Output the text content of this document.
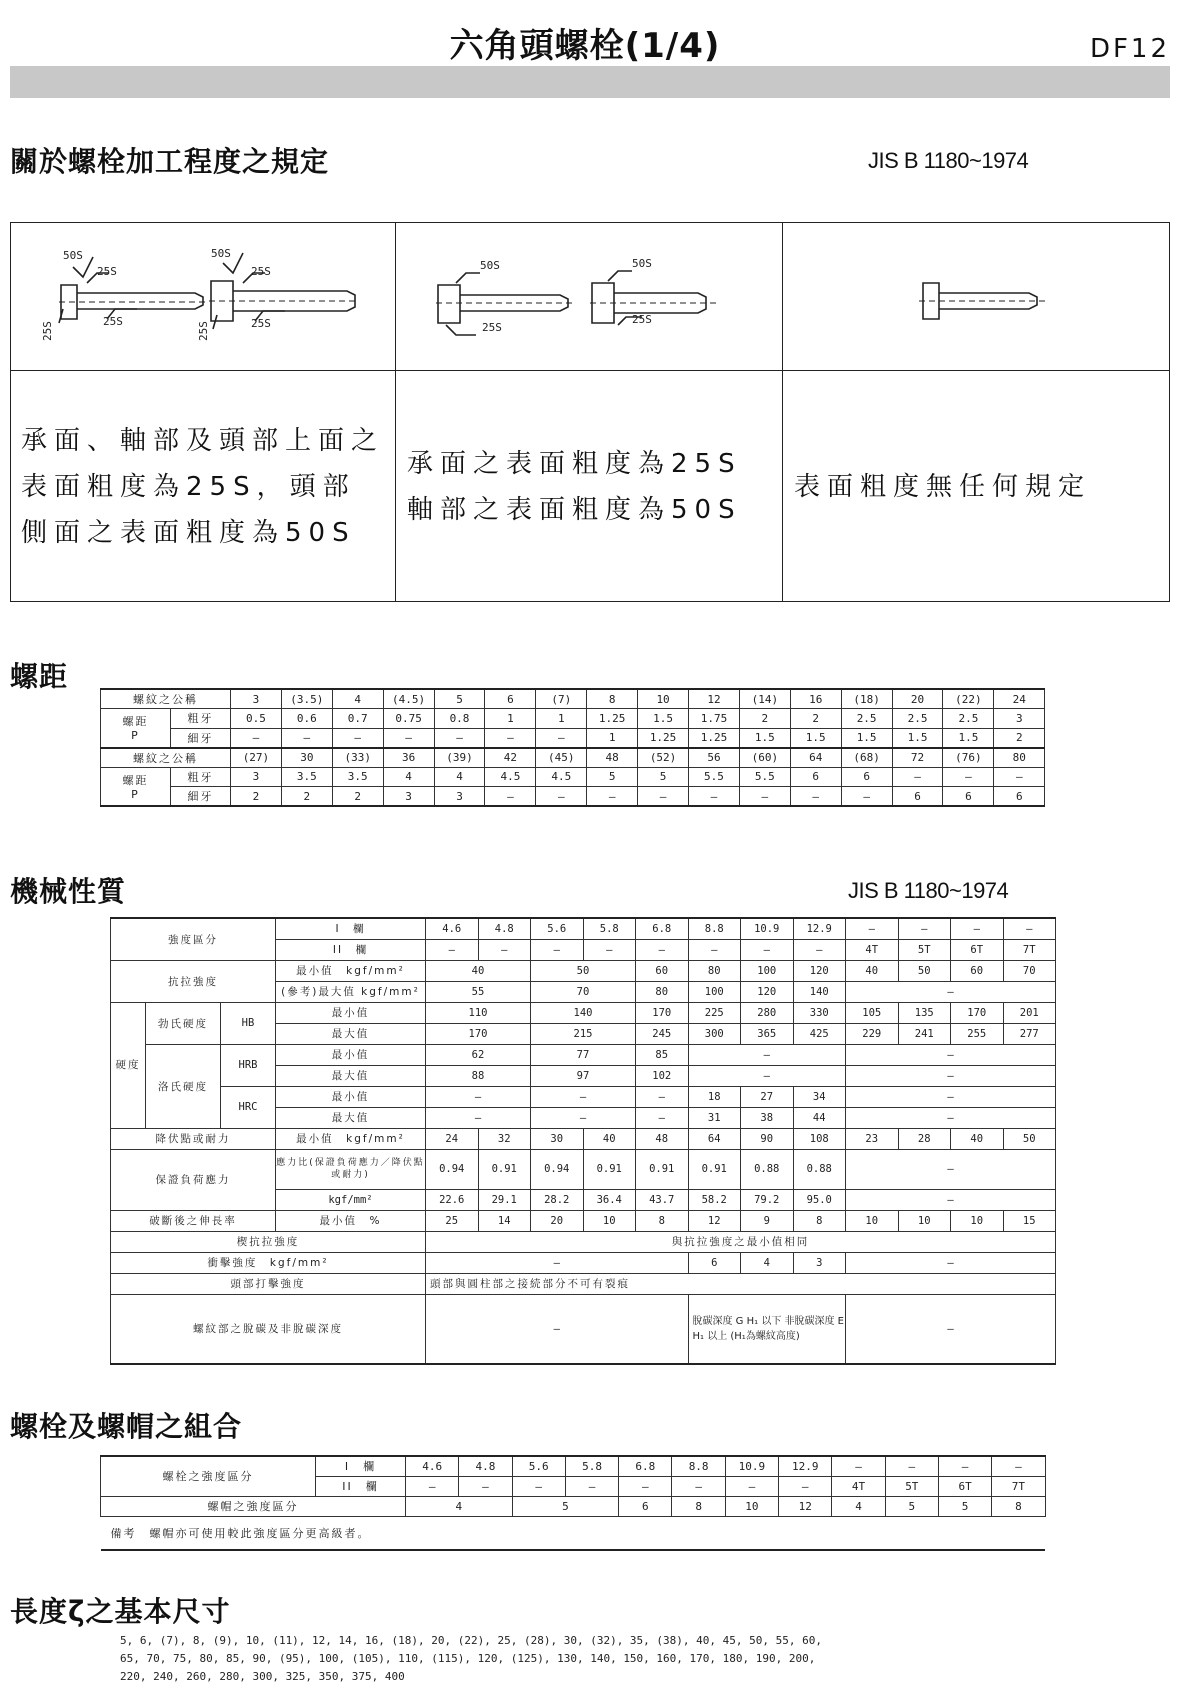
六角頭螺栓(1/4)	DF12
關於螺栓加工程度之規定	JIS B 1180~1974
50S
25S
50S
25S
25S	25S
25S	25S
50S	50S
25S
25S
承面、軸部及頭部上面之表面粗度為25S，頭部側面之表面粗度為50S
承面之表面粗度為25S軸部之表面粗度為50S
表面粗度無任何規定
螺距
螺紋之公稱		3	(3.5)	4	(4.5)	5	6	(7)	8	10	12	(14)	16	(18)	20	(22)	24

螺距
P	粗牙	0.5	0.6	0.7	0.75	0.8	1	1	1.25	1.5	1.75	2	2	2.5	2.5	2.5	3
	細牙	—	—	—	—	—	—	—	1	1.25	1.25	1.5	1.5	1.5	1.5	1.5	2
螺紋之公稱		(27)	30	(33)	36	(39)	42	(45)	48	(52)	56	(60)	64	(68)	72	(76)	80

螺距
P	粗牙	3	3.5	3.5	4	4	4.5	4.5	5	5	5.5	5.5	6	6	—	—	—
	細牙	2	2	2	3	3	—	—	—	—	—	—	—	—	6	6	6
機械性質	JIS B 1180~1974
強度區分			I　欄	4.6	4.8	5.6	5.8	6.8	8.8	10.9	12.9	—	—	—	—
			II　欄	—	—	—	—	—	—	—	—	4T	5T	6T	7T
抗拉強度			最小值　kgf/mm²	40		50		60	80	100	120	40	50	60	70
			(參考)最大值 kgf/mm²	55		70		80	100	120	140	—			
硬度	勃氏硬度	HB	最小值	110		140		170	225	280	330	105	135	170	201
			最大值	170		215		245	300	365	425	229	241	255	277
	洛氏硬度	HRB	最小值	62		77		85	—			—			
			最大值	88		97		102	—			—			
		HRC	最小值	—		—		—	18	27	34	—			
			最大值	—		—		—	31	38	44	—			
降伏點或耐力			最小值　kgf/mm²	24	32	30	40	48	64	90	108	23	28	40	50
保證負荷應力			應力比(保證負荷應力／降伏點或耐力)	0.94	0.91	0.94	0.91	0.91	0.91	0.88	0.88	—			
			kgf/mm²	22.6	29.1	28.2	36.4	43.7	58.2	79.2	95.0	—			
破斷後之伸長率			最小值　%	25	14	20	10	8	12	9	8	10	10	10	15
楔抗拉強度				與抗拉強度之最小值相同											
衝擊強度　kgf/mm²				—					6	4	3	—			
頭部打擊強度				頭部與圓柱部之接続部分不可有裂痕											
螺紋部之脫碳及非脫碳深度				—					脫碳深度 G H₁ 以下 非脫碳深度 E H₁ 以上 (H₁為螺紋高度)			—			
螺栓及螺帽之組合
螺栓之強度區分	I　欄	4.6	4.8	5.6	5.8	6.8	8.8	10.9	12.9	—	—	—	—
	II　欄	—	—	—	—	—	—	—	—	4T	5T	6T	7T
螺帽之強度區分		4		5		6	8	10	12	4	5	5	8
備考　螺帽亦可使用較此強度區分更高級者。													
長度ζ之基本尺寸
5, 6, (7), 8, (9), 10, (11), 12, 14, 16, (18), 20, (22), 25, (28), 30, (32), 35, (38), 40, 45, 50, 55, 60,
65, 70, 75, 80, 85, 90, (95), 100, (105), 110, (115), 120, (125), 130, 140, 150, 160, 170, 180, 190, 200,
220, 240, 260, 280, 300, 325, 350, 375, 400
